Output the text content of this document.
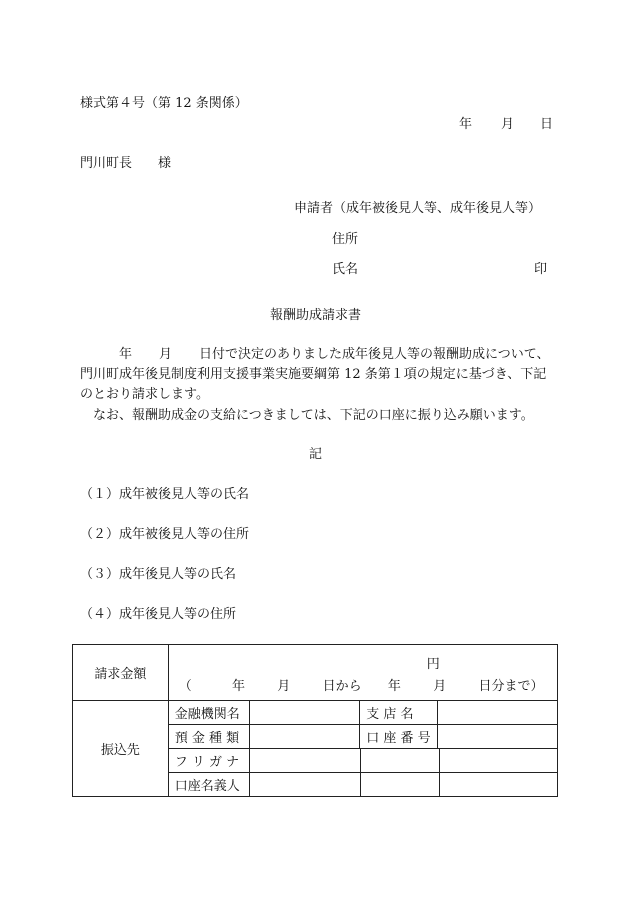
様式第４号（第 12 条関係）
年 月 日
門川町長 様
申請者（成年被後見人等、成年後見人等）
住所
氏名	印
報酬助成請求書
年 月 日付で決定のありました成年後見人等の報酬助成について、
門川町成年後見制度利用支援事業実施要綱第 12 条第１項の規定に基づき、下記
のとおり請求します。
なお、報酬助成金の支給につきましては、下記の口座に振り込み願います。
記
（１）成年被後見人等の氏名
（２）成年被後見人等の住所
（３）成年後見人等の氏名
（４）成年後見人等の住所
請求金額	円
（ 年 月 日から 年 月 日分まで）			

振込先	金融機関名		支 店 名	
	預 金 種 類		口 座 番 号	
	フ リ ガ ナ			

	口座名義人			
